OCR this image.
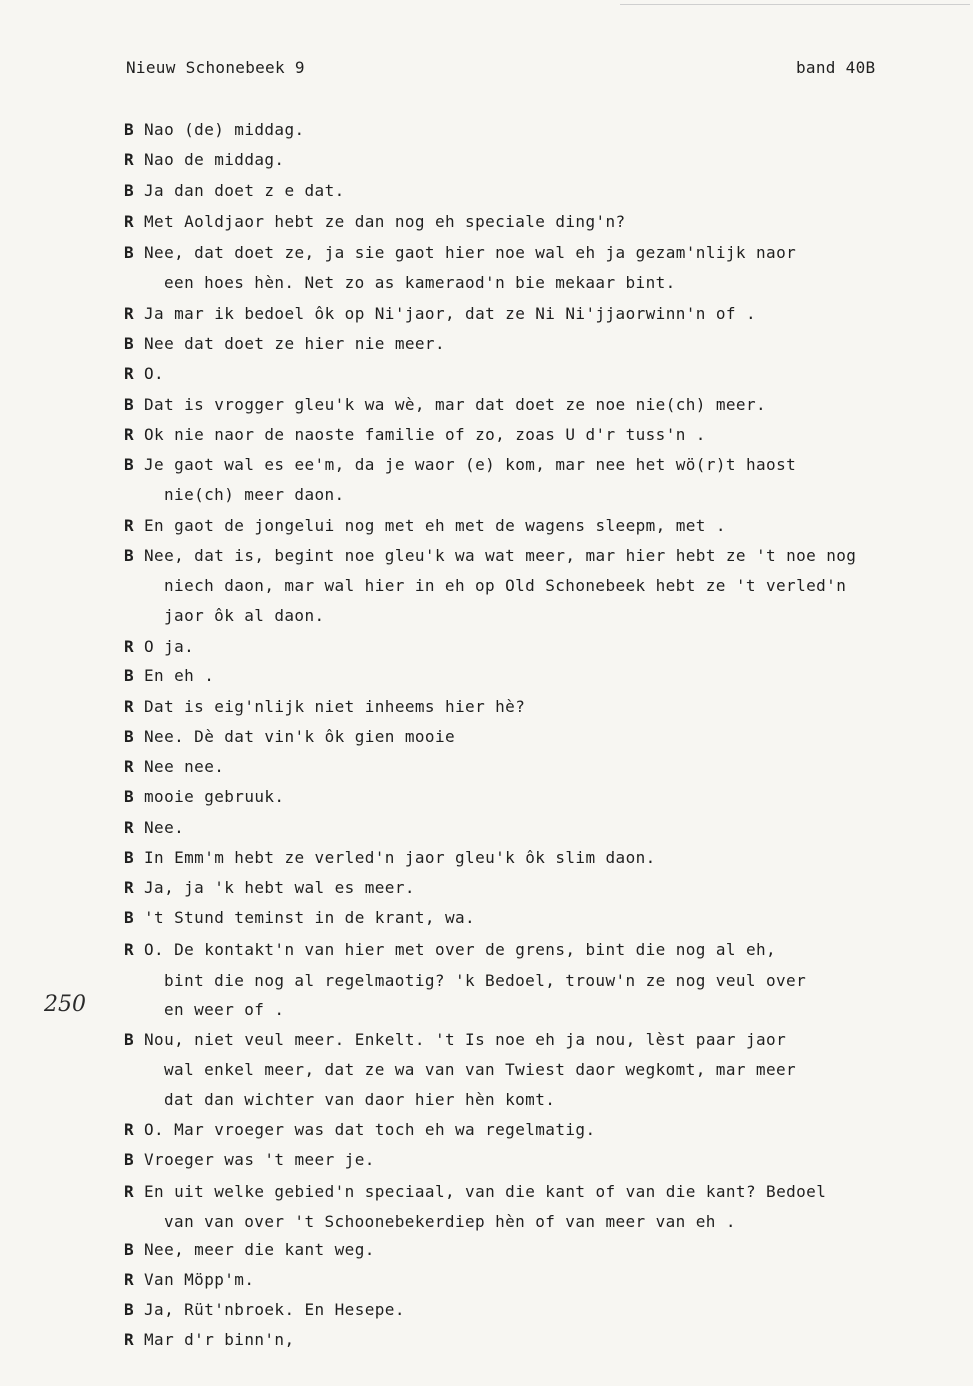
Nieuw Schonebeek 9	band 40B
250
B Nao (de) middag.
R Nao de middag.
B Ja dan doet z e dat.
R Met Aoldjaor hebt ze dan nog eh speciale ding'n?
B Nee, dat doet ze, ja sie gaot hier noe wal eh ja gezam'nlijk naor
een hoes hèn. Net zo as kameraod'n bie mekaar bint.
R Ja mar ik bedoel ôk op Ni'jaor, dat ze Ni Ni'jjaorwinn'n of .
B Nee dat doet ze hier nie meer.
R O.
B Dat is vrogger gleu'k wa wè, mar dat doet ze noe nie(ch) meer.
R Ok nie naor de naoste familie of zo, zoas U d'r tuss'n .
B Je gaot wal es ee'm, da je waor (e) kom, mar nee het wö(r)t haost
nie(ch) meer daon.
R En gaot de jongelui nog met eh met de wagens sleepm, met .
B Nee, dat is, begint noe gleu'k wa wat meer, mar hier hebt ze 't noe nog
niech daon, mar wal hier in eh op Old Schonebeek hebt ze 't verled'n
jaor ôk al daon.
R O ja.
B En eh .
R Dat is eig'nlijk niet inheems hier hè?
B Nee. Dè dat vin'k ôk gien mooie
R Nee nee.
B mooie gebruuk.
R Nee.
B In Emm'm hebt ze verled'n jaor gleu'k ôk slim daon.
R Ja, ja 'k hebt wal es meer.
B 't Stund teminst in de krant, wa.
R O. De kontakt'n van hier met over de grens, bint die nog al eh,
bint die nog al regelmaotig? 'k Bedoel, trouw'n ze nog veul over
en weer of .
B Nou, niet veul meer. Enkelt. 't Is noe eh ja nou, lèst paar jaor
wal enkel meer, dat ze wa van van Twiest daor wegkomt, mar meer
dat dan wichter van daor hier hèn komt.
R O. Mar vroeger was dat toch eh wa regelmatig.
B Vroeger was 't meer je.
R En uit welke gebied'n speciaal, van die kant of van die kant? Bedoel
van van over 't Schoonebekerdiep hèn of van meer van eh .
B Nee, meer die kant weg.
R Van Möpp'm.
B Ja, Rüt'nbroek. En Hesepe.
R Mar d'r binn'n,
